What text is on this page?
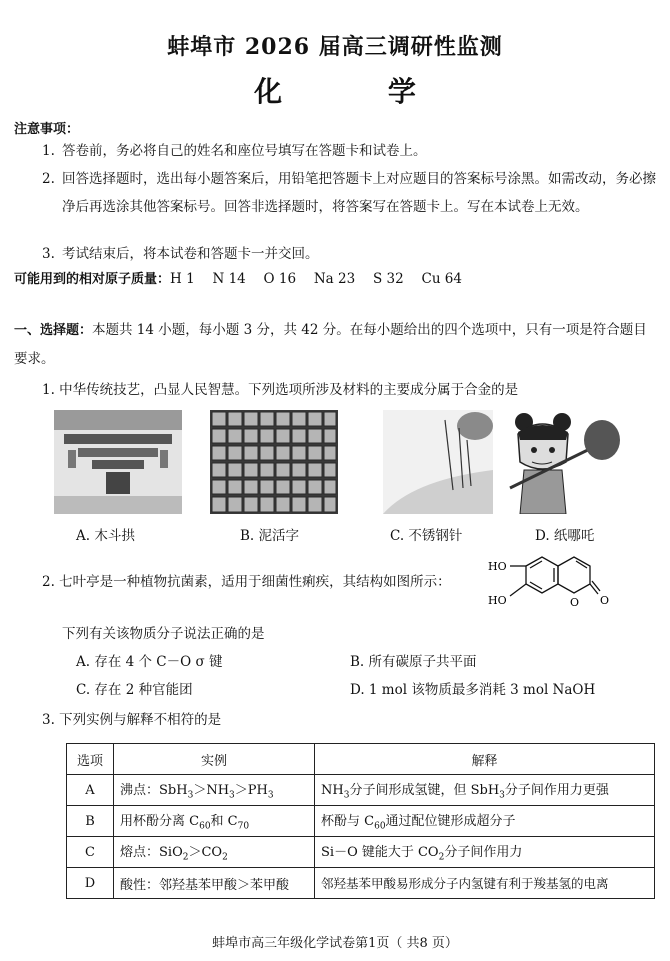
蚌埠市 2026 届高三调研性监测
化 学
注意事项：
1. 答卷前，务必将自己的姓名和座位号填写在答题卡和试卷上。
2. 回答选择题时，选出每小题答案后，用铅笔把答题卡上对应题目的答案标号涂黑。如需改动，务必擦净后再选涂其他答案标号。回答非选择题时，将答案写在答题卡上。写在本试卷上无效。
3. 考试结束后，将本试卷和答题卡一并交回。
可能用到的相对原子质量：H 1　 N 14　 O 16　 Na 23　 S 32　 Cu 64
一、选择题：本题共 14 小题，每小题 3 分，共 42 分。在每小题给出的四个选项中，只有一项是符合题目要求。
1. 中华传统技艺，凸显人民智慧。下列选项所涉及材料的主要成分属于合金的是
A. 木斗拱	B. 泥活字	C. 不锈钢针	D. 纸哪吒
2. 七叶亭是一种植物抗菌素，适用于细菌性痢疾，其结构如图所示：
HO
HO	O O
下列有关该物质分子说法正确的是
A. 存在 4 个 C－O σ 键	B. 所有碳原子共平面
C. 存在 2 种官能团	D. 1 mol 该物质最多消耗 3 mol NaOH
3. 下列实例与解释不相符的是
选项	实例	解释
A	沸点：$SbH_3>NH_3>PH_3$	$NH_3$分子间形成氢键，但 SbH$_3$分子间作用力更强
B	用杯酚分离 $C_{60}$和 $C_{70}$	杯酚与 $C_{60}$通过配位键形成超分子
C	熔点：$SiO_2>CO_2$	Si－O 键能大于 $CO_2$分子间作用力
D	酸性：邻羟基苯甲酸＞苯甲酸	邻羟基苯甲酸易形成分子内氢键有利于羧基氢的电离
蚌埠市高三年级化学试卷第1页（ 共8 页）
